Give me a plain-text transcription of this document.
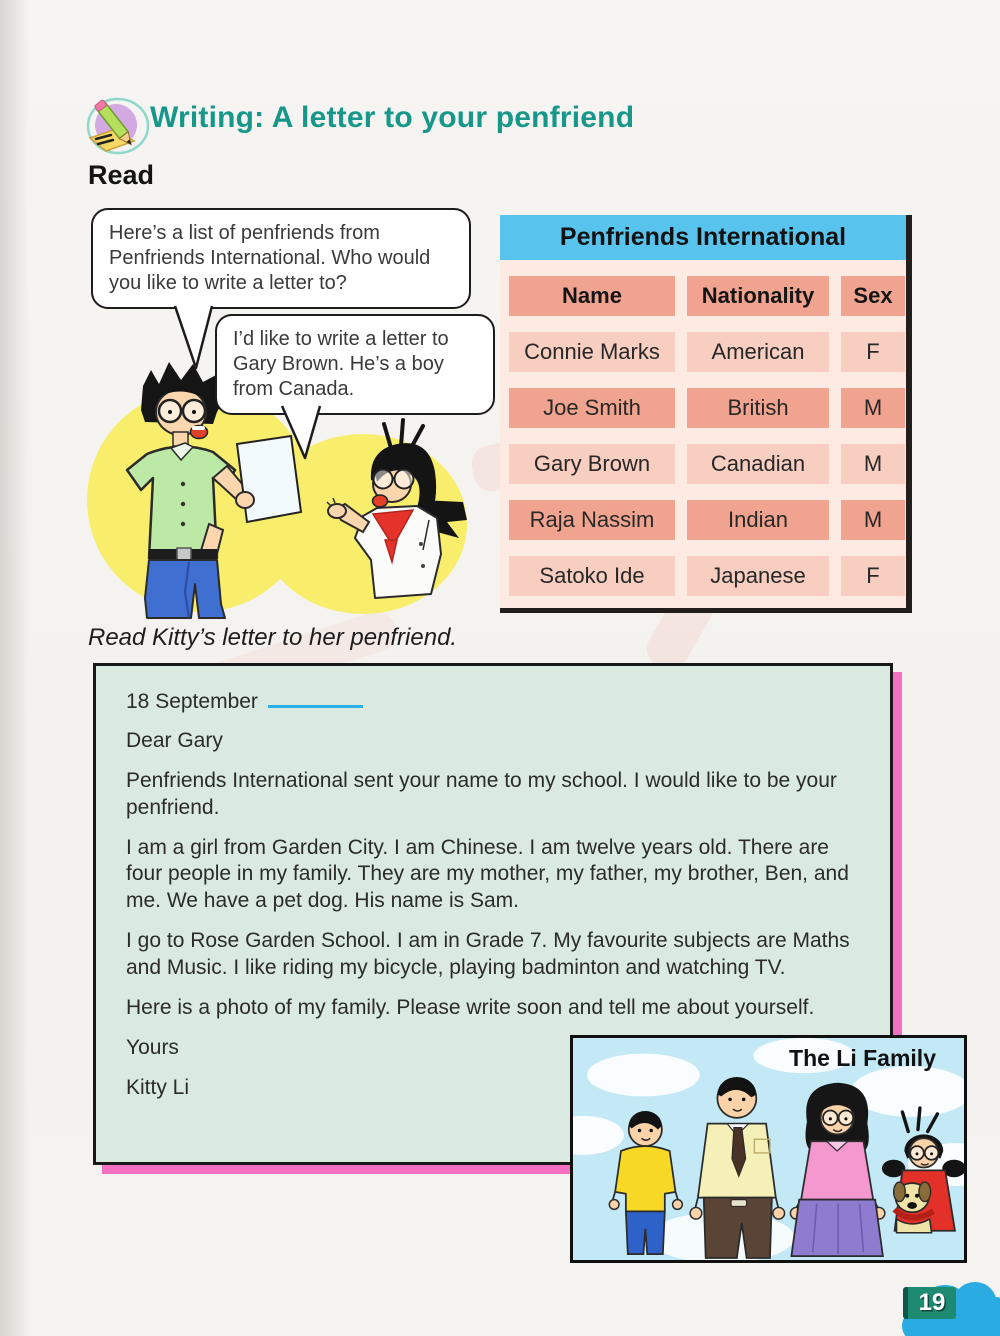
Writing: A letter to your penfriend
Read
Here’s a list of penfriends from Penfriends International. Who would you like to write a letter to?
I’d like to write a letter to Gary Brown. He’s a boy from Canada.
Penfriends International
Name	Nationality	Sex
Connie Marks	American	F
Joe Smith	British	M
Gary Brown	Canadian	M
Raja Nassim	Indian	M
Satoko Ide	Japanese	F
Read Kitty’s letter to her penfriend.
18 September

Dear Gary

Penfriends International sent your name to my school. I would like to be your penfriend.

I am a girl from Garden City. I am Chinese. I am twelve years old. There are four people in my family. They are my mother, my father, my brother, Ben, and me. We have a pet dog. His name is Sam.

I go to Rose Garden School. I am in Grade 7. My favourite subjects are Maths and Music. I like riding my bicycle, playing badminton and watching TV.

Here is a photo of my family. Please write soon and tell me about yourself.

Yours

Kitty Li

The Li Family
19
